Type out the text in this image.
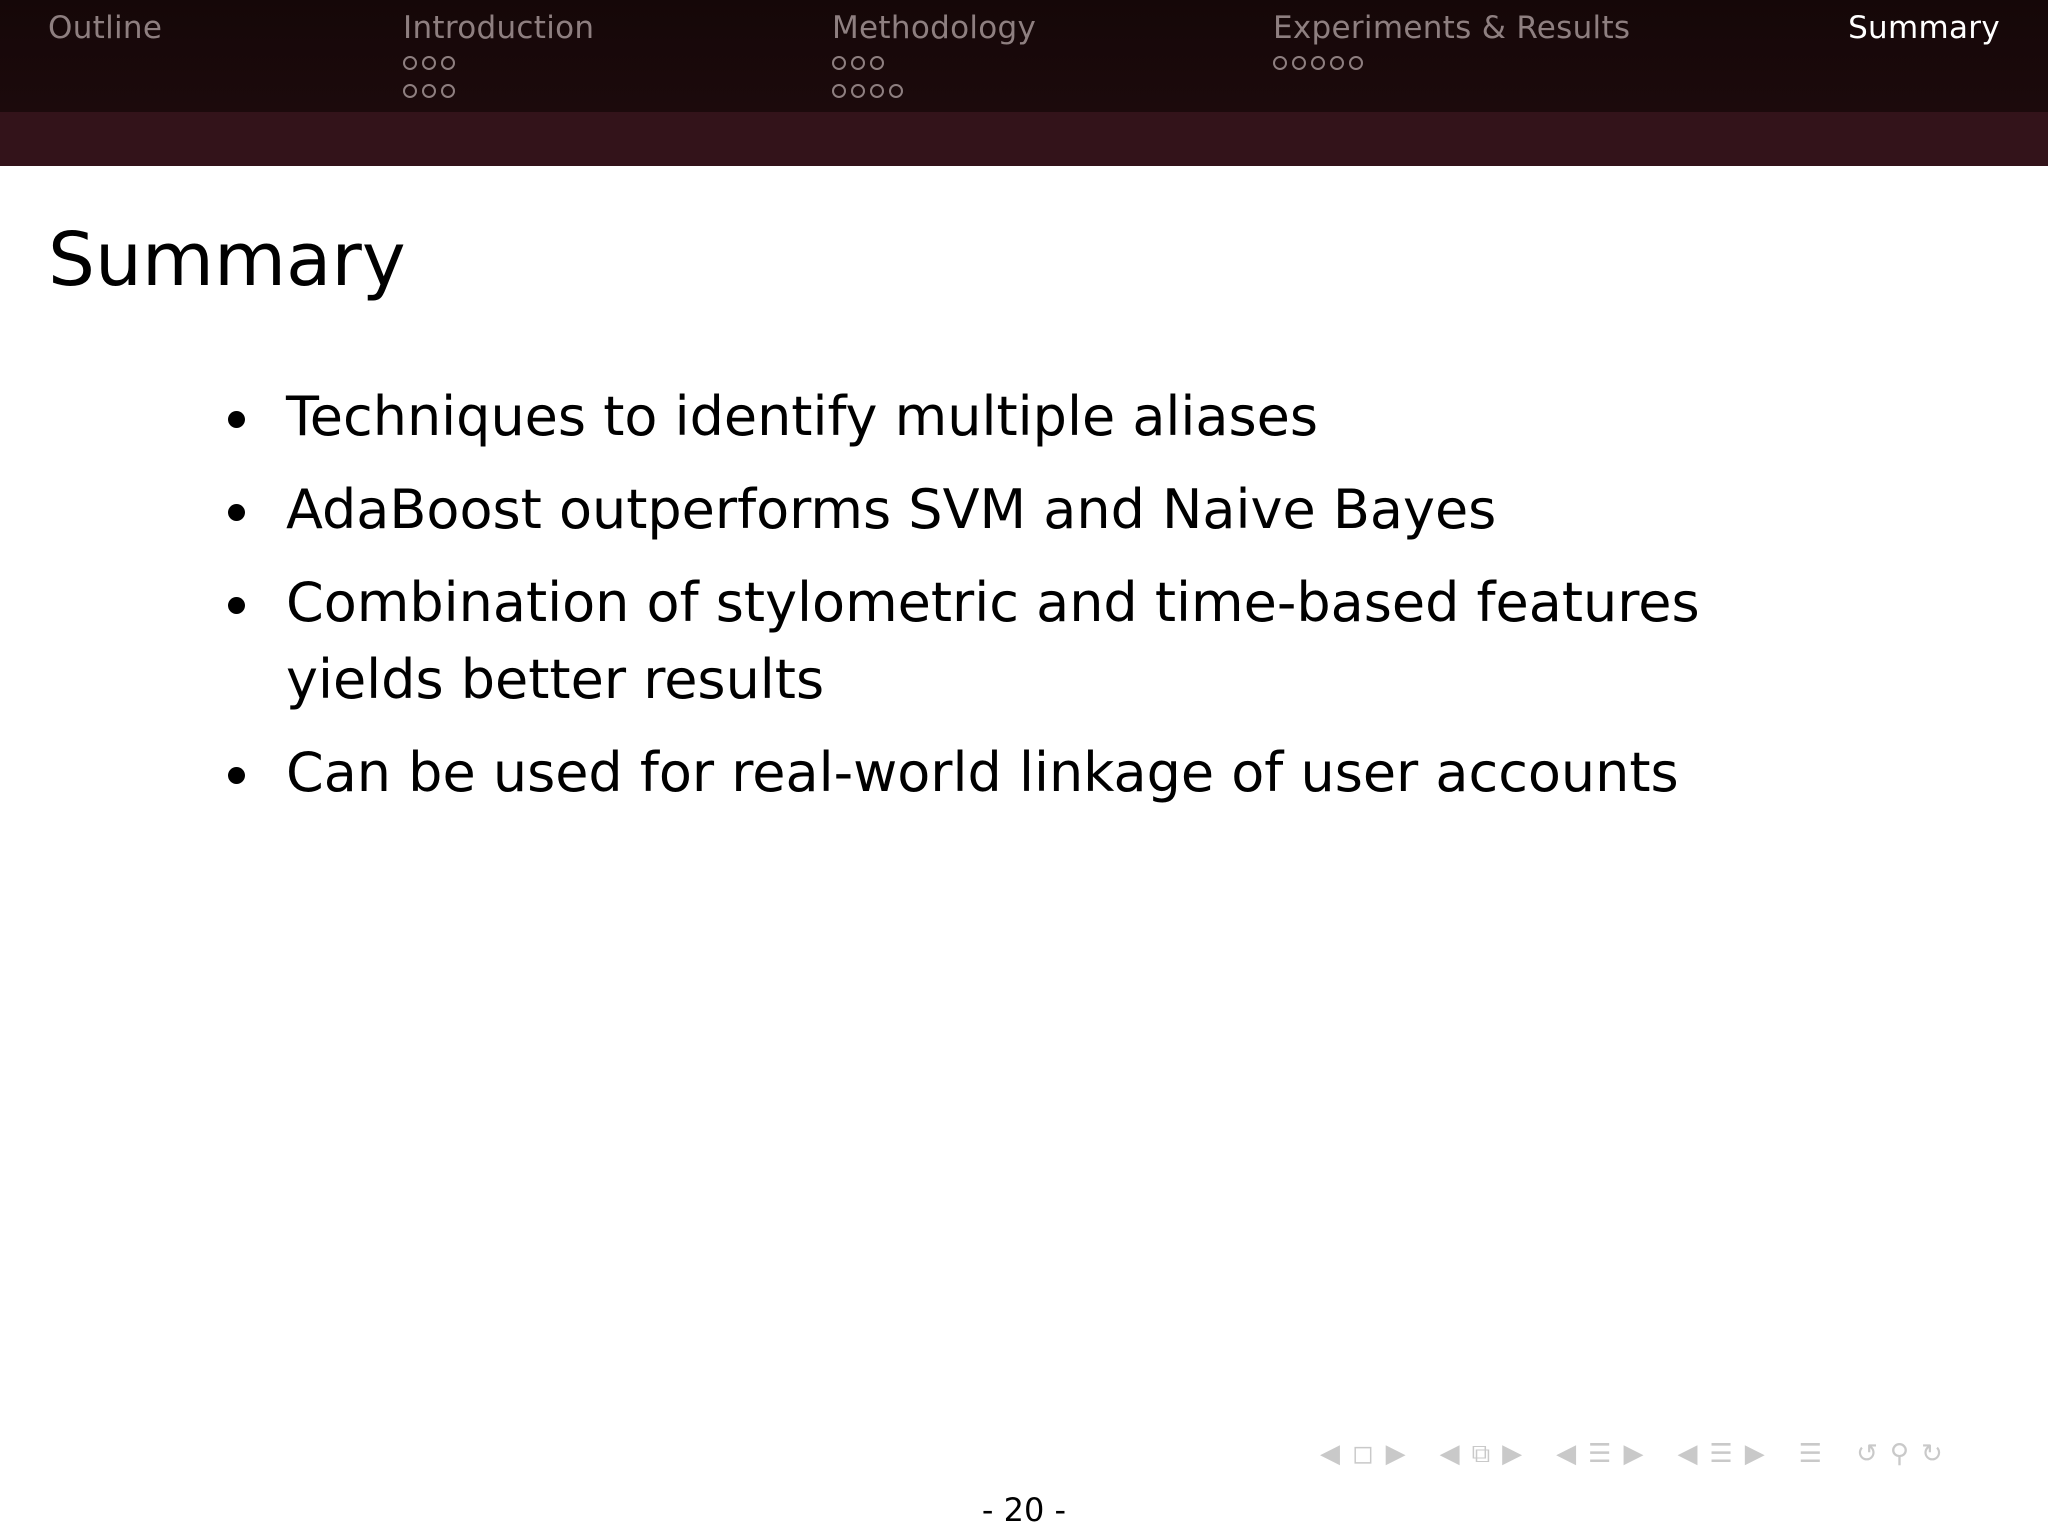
Outline	Introduction	Methodology	Experiments & Results	Summary
Summary
Techniques to identify multiple aliases
AdaBoost outperforms SVM and Naive Bayes
Combination of stylometric and time-based features yields better results
Can be used for real-world linkage of user accounts
◀ ◻ ▶ ◀ ⧉ ▶ ◀ ☰ ▶ ◀ ☰ ▶ ☰ ↺ ⚲ ↻
- 20 -
